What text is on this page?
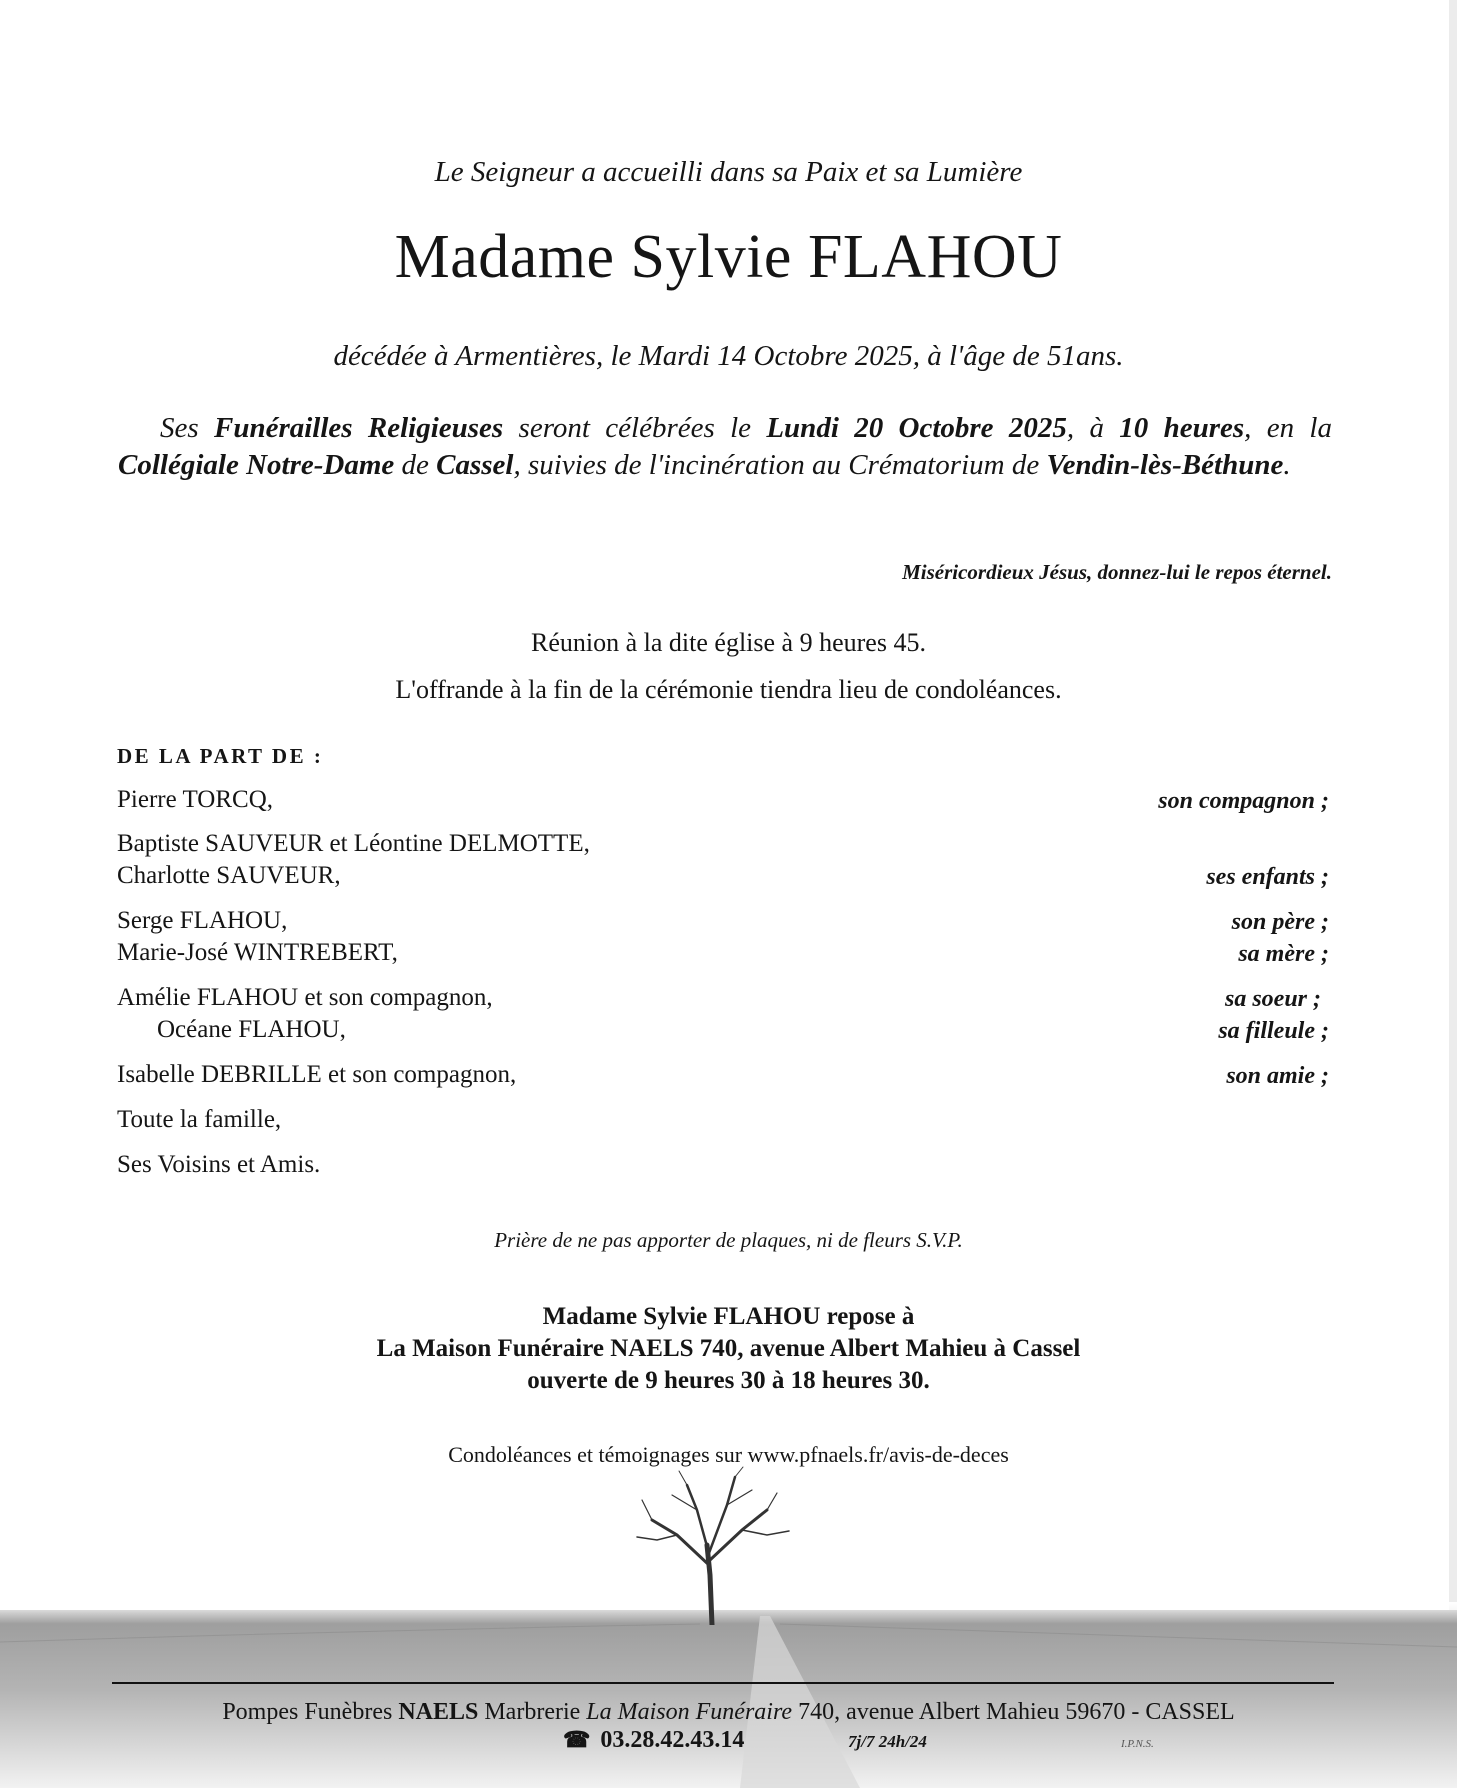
Le Seigneur a accueilli dans sa Paix et sa Lumière
Madame Sylvie FLAHOU
décédée à Armentières, le Mardi 14 Octobre 2025, à l'âge de 51ans.
Ses Funérailles Religieuses seront célébrées le Lundi 20 Octobre 2025, à 10 heures, en la Collégiale Notre-Dame de Cassel, suivies de l'incinération au Crématorium de Vendin-lès-Béthune.
Miséricordieux Jésus, donnez-lui le repos éternel.
Réunion à la dite église à 9 heures 45.
L'offrande à la fin de la cérémonie tiendra lieu de condoléances.
DE LA PART DE :
Pierre TORCQ,
Baptiste SAUVEUR et Léontine DELMOTTE,
Charlotte SAUVEUR,
Serge FLAHOU,
Marie-José WINTREBERT,
Amélie FLAHOU et son compagnon,
Océane FLAHOU,
Isabelle DEBRILLE et son compagnon,
Toute la famille,
Ses Voisins et Amis.
son compagnon ;
ses enfants ;
son père ;
sa mère ;
sa soeur ;
sa filleule ;
son amie ;
Prière de ne pas apporter de plaques, ni de fleurs S.V.P.
Madame Sylvie FLAHOU repose à
La Maison Funéraire NAELS 740, avenue Albert Mahieu à Cassel
ouverte de 9 heures 30 à 18 heures 30.
Condoléances et témoignages sur www.pfnaels.fr/avis-de-deces
Pompes Funèbres NAELS Marbrerie La Maison Funéraire 740, avenue Albert Mahieu 59670 - CASSEL
☎ 03.28.42.43.14	7j/7 24h/24	I.P.N.S.
